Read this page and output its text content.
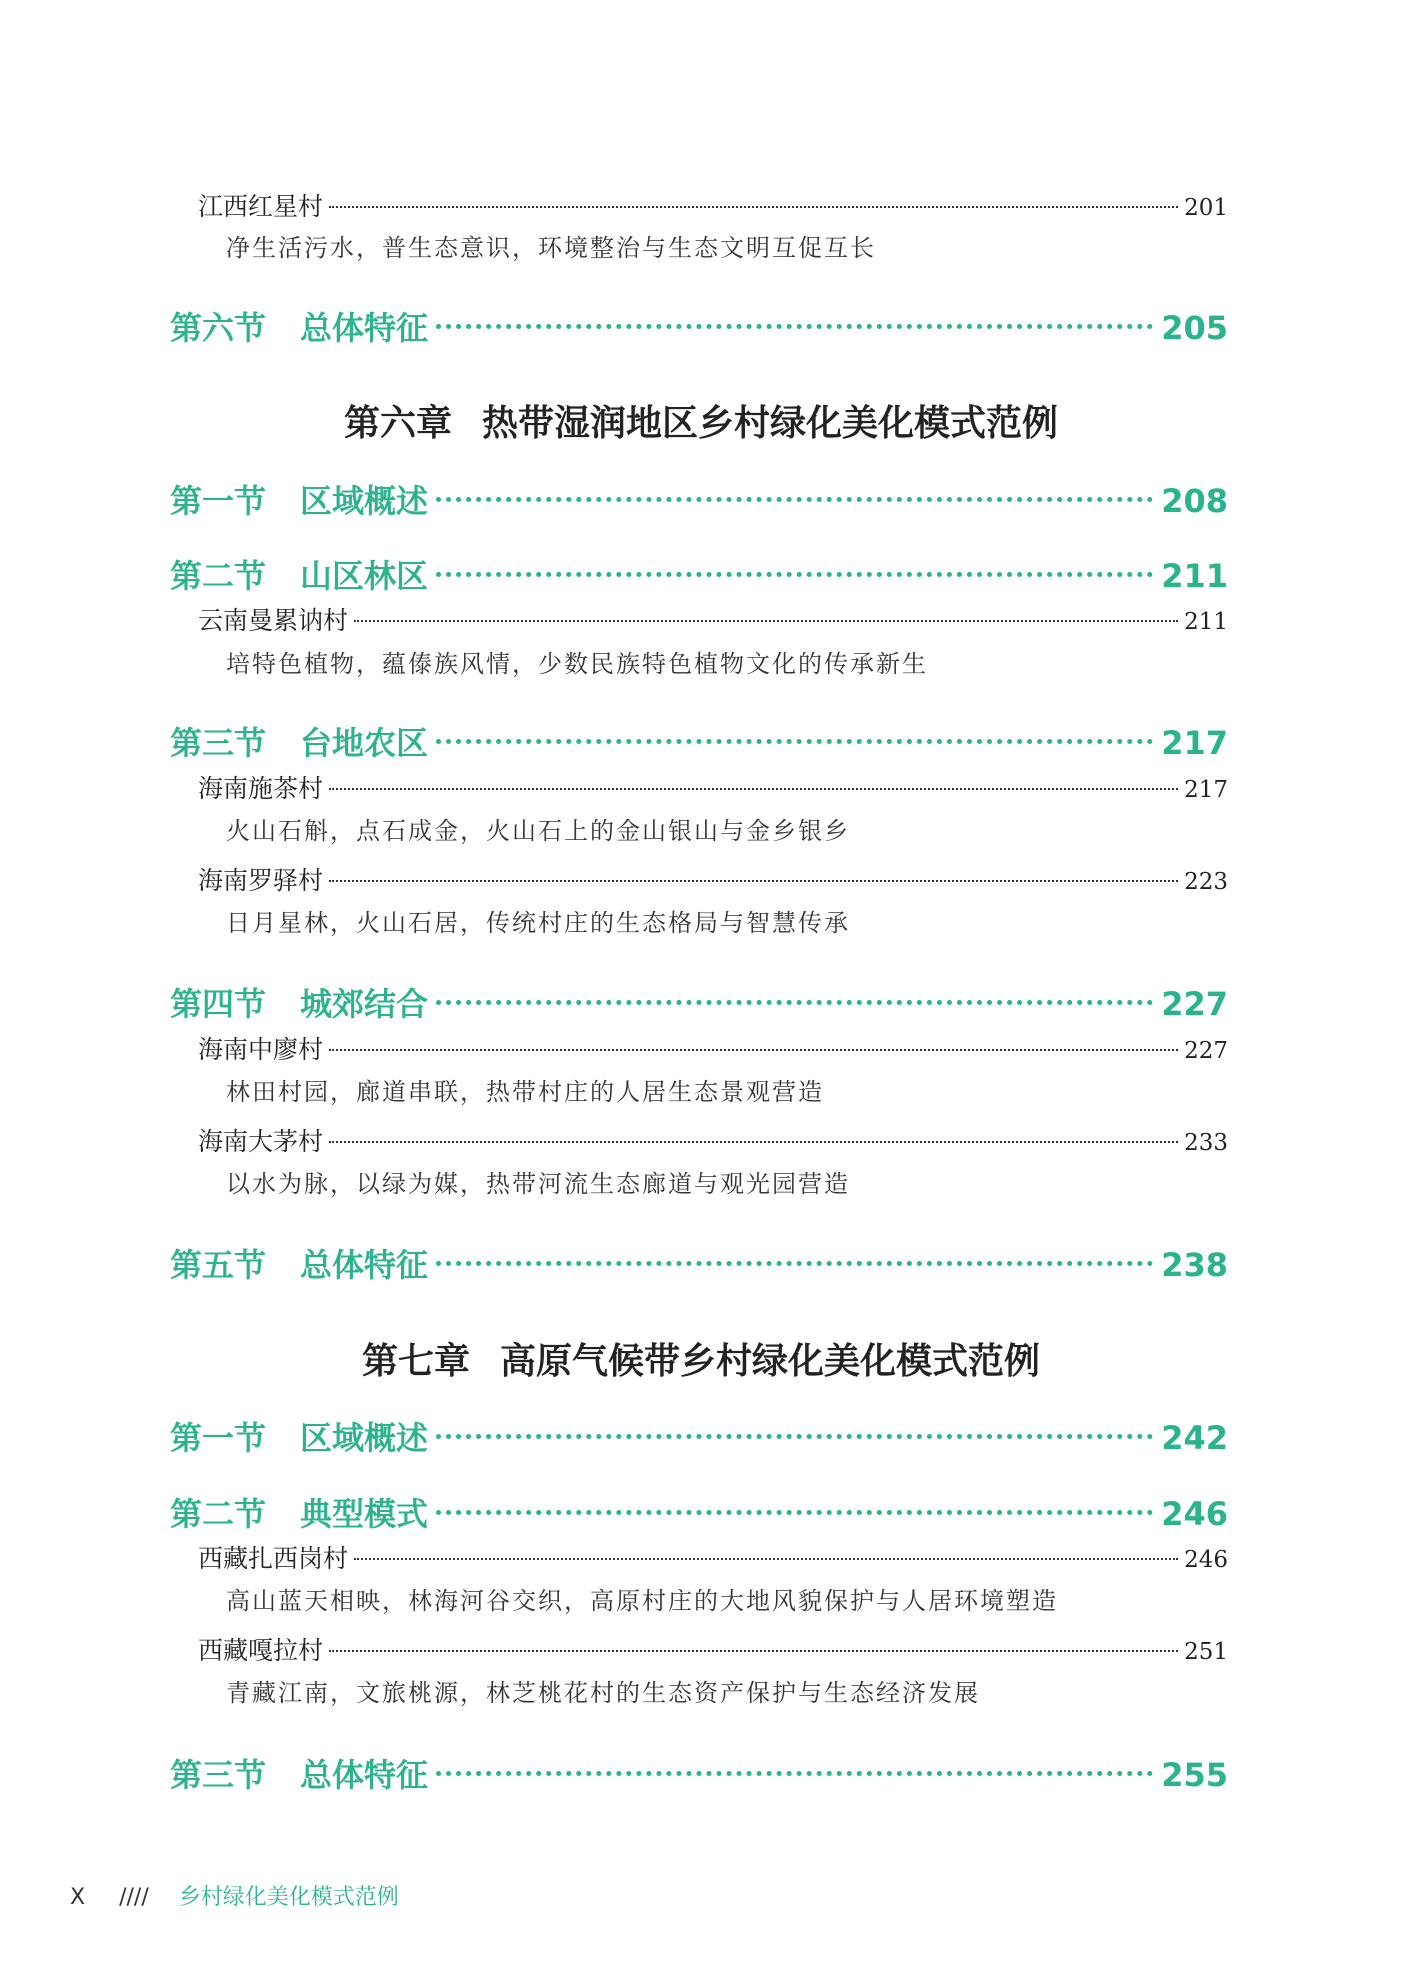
江西红星村	201
净生活污水，普生态意识，环境整治与生态文明互促互长
第六节	总体特征	205
第六章 热带湿润地区乡村绿化美化模式范例
第一节	区域概述	208
第二节	山区林区	211
云南曼累讷村	211
培特色植物，蕴傣族风情，少数民族特色植物文化的传承新生
第三节	台地农区	217
海南施茶村	217
火山石斛，点石成金，火山石上的金山银山与金乡银乡
海南罗驿村	223
日月星林，火山石居，传统村庄的生态格局与智慧传承
第四节	城郊结合	227
海南中廖村	227
林田村园，廊道串联，热带村庄的人居生态景观营造
海南大茅村	233
以水为脉，以绿为媒，热带河流生态廊道与观光园营造
第五节	总体特征	238
第七章 高原气候带乡村绿化美化模式范例
第一节	区域概述	242
第二节	典型模式	246
西藏扎西岗村	246
高山蓝天相映，林海河谷交织，高原村庄的大地风貌保护与人居环境塑造
西藏嘎拉村	251
青藏江南，文旅桃源，林芝桃花村的生态资产保护与生态经济发展
第三节	总体特征	255
X //// 乡村绿化美化模式范例
